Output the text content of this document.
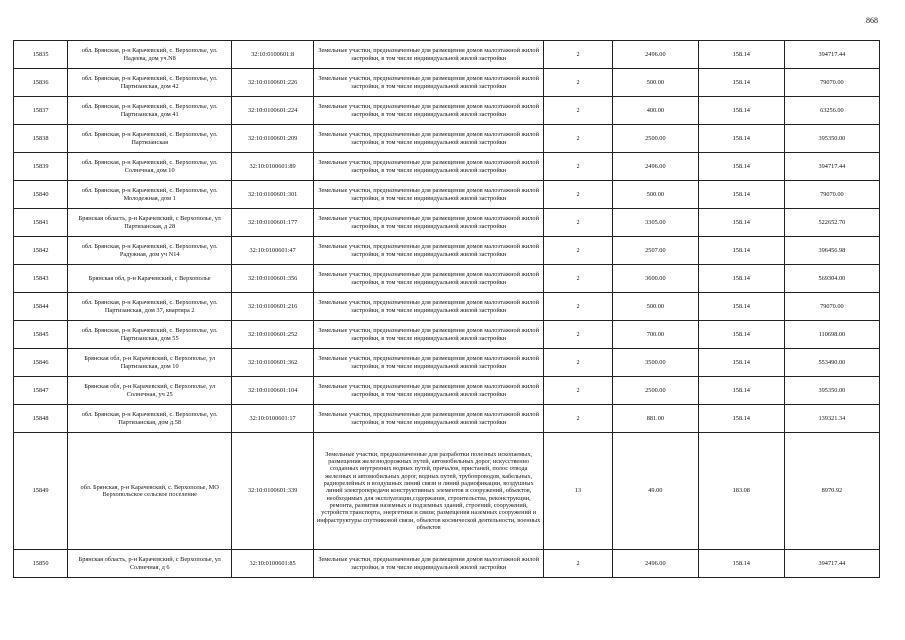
868
15835	обл. Брянская, р-н Карачевский, с. Верхополье, ул. Надеева, дом уч.N8	32:10:0100601:8	Земельные участки, предназначенные для размещения домов малоэтажной жилой застройки, в том числе индивидуальной жилой застройки	2	2496.00	158.14	394717.44
15836	обл. Брянская, р-н Карачевский, с. Верхополье, ул. Партизанская, дом 42	32:10:0100601:226	Земельные участки, предназначенные для размещения домов малоэтажной жилой застройки, в том числе индивидуальной жилой застройки	2	500.00	158.14	79070.00
15837	обл. Брянская, р-н Карачевский, с. Верхополье, ул. Партизанская, дом 41	32:10:0100601:224	Земельные участки, предназначенные для размещения домов малоэтажной жилой застройки, в том числе индивидуальной жилой застройки	2	400.00	158.14	63256.00
15838	обл. Брянская, р-н Карачевский, с. Верхополье, ул. Партизанская	32:10:0100601:209	Земельные участки, предназначенные для размещения домов малоэтажной жилой застройки, в том числе индивидуальной жилой застройки	2	2500.00	158.14	395350.00
15839	обл. Брянская, р-н Карачевский, с. Верхополье, ул. Солнечная, дом 10	32:10:0100601:89	Земельные участки, предназначенные для размещения домов малоэтажной жилой застройки, в том числе индивидуальной жилой застройки	2	2496.00	158.14	394717.44
15840	обл. Брянская, р-н Карачевский, с. Верхополье, ул. Молодежная, дом 1	32:10:0100601:301	Земельные участки, предназначенные для размещения домов малоэтажной жилой застройки, в том числе индивидуальной жилой застройки	2	500.00	158.14	79070.00
15841	Брянская область, р-н Карачевский, с Верхополье, ул Партизанская, д 28	32:10:0100601:177	Земельные участки, предназначенные для размещения домов малоэтажной жилой застройки, в том числе индивидуальной жилой застройки	2	3305.00	158.14	522652.70
15842	обл. Брянская, р-н Карачевский, с. Верхополье, ул. Радужная, дом уч N14	32:10:0100601:47	Земельные участки, предназначенные для размещения домов малоэтажной жилой застройки, в том числе индивидуальной жилой застройки	2	2507.00	158.14	396456.98
15843	Брянская обл, р-н Карачевский, с Верхополье	32:10:0100601:356	Земельные участки, предназначенные для размещения домов малоэтажной жилой застройки, в том числе индивидуальной жилой застройки	2	3600.00	158.14	569304.00
15844	обл. Брянская, р-н Карачевский, с. Верхополье, ул. Партизанская, дом 37, квартира 2	32:10:0100601:216	Земельные участки, предназначенные для размещения домов малоэтажной жилой застройки, в том числе индивидуальной жилой застройки	2	500.00	158.14	79070.00
15845	обл. Брянская, р-н Карачевский, с. Верхополье, ул. Партизанская, дом 55	32:10:0100601:252	Земельные участки, предназначенные для размещения домов малоэтажной жилой застройки, в том числе индивидуальной жилой застройки	2	700.00	158.14	110698.00
15846	Брянская обл, р-н Карачевский, с Верхополье, ул Партизанская, дом 10	32:10:0100601:362	Земельные участки, предназначенные для размещения домов малоэтажной жилой застройки, в том числе индивидуальной жилой застройки	2	3500.00	158.14	553490.00
15847	Брянская обл, р-н Карачевский, с Верхополье, ул Солнечная, уч 25	32:10:0100601:104	Земельные участки, предназначенные для размещения домов малоэтажной жилой застройки, в том числе индивидуальной жилой застройки	2	2500.00	158.14	395350.00
15848	обл. Брянская, р-н Карачевский, с. Верхополье, ул. Партизанская, дом д.58	32:10:0100601:17	Земельные участки, предназначенные для размещения домов малоэтажной жилой застройки, в том числе индивидуальной жилой застройки	2	881.00	158.14	139321.34
15849	обл. Брянская, р-н Карачевский, с. Верхополье, МО Верхопольское сельское поселение	32:10:0100601:339	Земельные участки, предназначенные для разработки полезных ископаемых, размещения железнодорожных путей, автомобильных дорог, искусственно созданных внутренних водных путей, причалов, пристаней, полос отвода железных и автомобильных дорог, водных путей, трубопроводов, кабельных, радиорелейных и воздушных линий связи и линий радиофикации, воздушных линий электропередачи конструктивных элементов и сооружений, объектов, необходимых для эксплуатации,содержания, строительства, реконструкции, ремонта, развития наземных и подземных зданий, строений, сооружений, устройств транспорта, энергетики и связи; размещения наземных сооружений и инфраструктуры спутниковой связи, объектов космической деятельности, военных объектов	13	49.00	183.08	8970.92
15850	Брянская область, р-н Карачевский, с Верхополье, ул Солнечная, д 6	32:10:0100601:85	Земельные участки, предназначенные для размещения домов малоэтажной жилой застройки, в том числе индивидуальной жилой застройки	2	2496.00	158.14	394717.44
